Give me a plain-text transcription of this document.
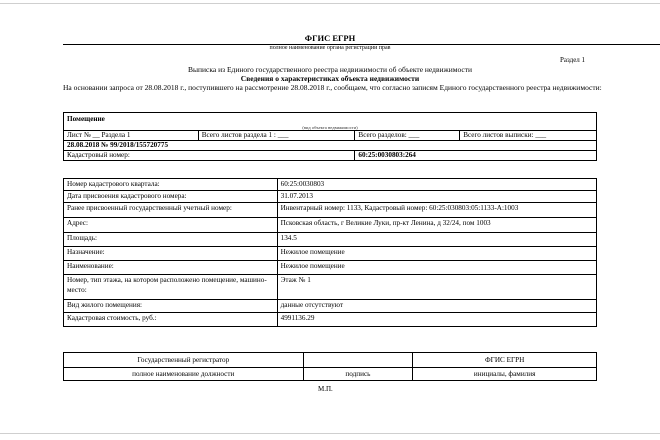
ФГИС ЕГРН
полное наименование органа регистрации прав
Раздел 1
Выписка из Единого государственного реестра недвижимости об объекте недвижимости
Сведения о характеристиках объекта недвижимости
На основании запроса от 28.08.2018 г., поступившего на рассмотрение 28.08.2018 г., сообщаем, что согласно записям Единого государственного реестра недвижимости:
Помещение
(вид объекта недвижимости)			

Лист № __ Раздела 1	Всего листов раздела 1 : ___	Всего разделов: ___	Всего листов выписки: ___
28.08.2018 № 99/2018/155720775			
Кадастровый номер:		60:25:0030803:264	
Номер кадастрового квартала:	60:25:0030803
Дата присвоения кадастрового номера:	31.07.2013
Ранее присвоенный государственный учетный номер:	Инвентарный номер: 1133, Кадастровый номер: 60:25:030803:05:1133-А:1003
Адрес:	Псковская область, г Великие Луки, пр-кт Ленина, д 32/24, пом 1003
Площадь:	134.5
Назначение:	Нежилое помещение
Наименование:	Нежилое помещение
Номер, тип этажа, на котором расположено помещение, машино-место:	Этаж № 1
Вид жилого помещения:	данные отсутствуют
Кадастровая стоимость, руб.:	4991136.29
Государственный регистратор		ФГИС ЕГРН
полное наименование должности	подпись	инициалы, фамилия
М.П.
